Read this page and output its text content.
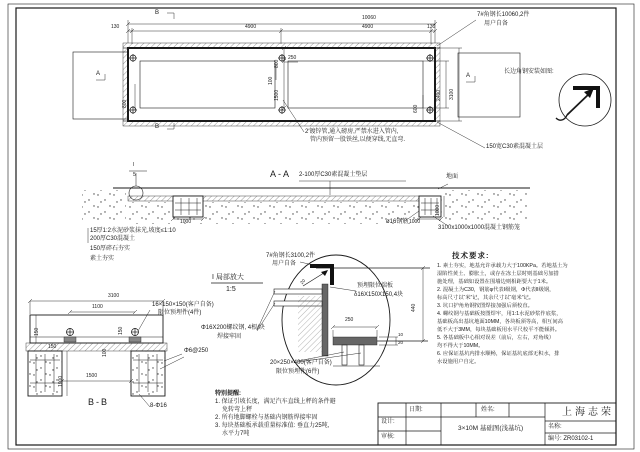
B
B
A	A
10060
130	4900	4900	130
800
1500
800
2400 3100
600
100
250
7#角钢长10060,2件
用户自备
150宽C30素混凝土层
2′镀锌管,通入磅房,严禁水进入管内,
管内预留一股铁丝,以便穿线,无直弯.
长边角钢安装如图:
A-A 2-100厚C30素混凝土垫层	地面
I
5
ø16钢筋
3100x1000x1000混凝土钢筋笼
1000	1000
1000
15厚1:2水泥砂浆抹光,坡度≤1:10
200厚C30混凝土
150厚碎石夯实
素土夯实
3100
1100	16×150×150(客户自备)
限位预埋件(4件)
150	150
150
100	Φ6@250
1000	1500
B-B	8-Φ16
I 局部放大
1:5
7#角钢长3100,2件
用户自备
预埋限位端板
δ16X150X150,4块
Φ16X200螺纹钢, 4根/块
焊接牢固
20×250×400(客户自备)
限位预埋件(6件)
250
10
20
440
20
技术要求:
特别提醒:
设计:
审核:
日期:	姓名:	上海志荣
3×10M 基础图(浅基坑)	名称:
编号: ZR03102-1
1. 素土夯实，地基允许承载力大于100KPa。若地基土为
湿陷性黄土、膨胀土，或存在冻土层时则基础另加措
施处理，基础如设置在围墙边则相距要大于1米。
2. 混凝土为C30，钢筋φ代表Ⅰ级钢，Φ代表Ⅱ级钢，
标高尺寸以“米”记，其余尺寸以“毫米”记。
3. 坑口护角角钢按图焊接加强后须校直。
4. 螺纹钢与基础板按图焊牢，用1:1水泥砂浆作底浆，
基础板高出基坑地面10MM，各块板须等高，相互间高
低不大于3MM，每块基础板用水平尺校平不能倾斜。
5. 各基础板中心相对误差（前后，左右，对角线）
均不得大于10MM。
6. 应保证基坑内排水顺畅，保证基坑底部无积水，排
水设施用户自定。
1. 保证引坡长度，满足汽车直线上秤的条件避
免转弯上秤
2. 所有地脚螺栓与基础内钢筋焊接牢固
3. 每块基础板承载重量标准值: 垂直力25吨,
水平力7吨
